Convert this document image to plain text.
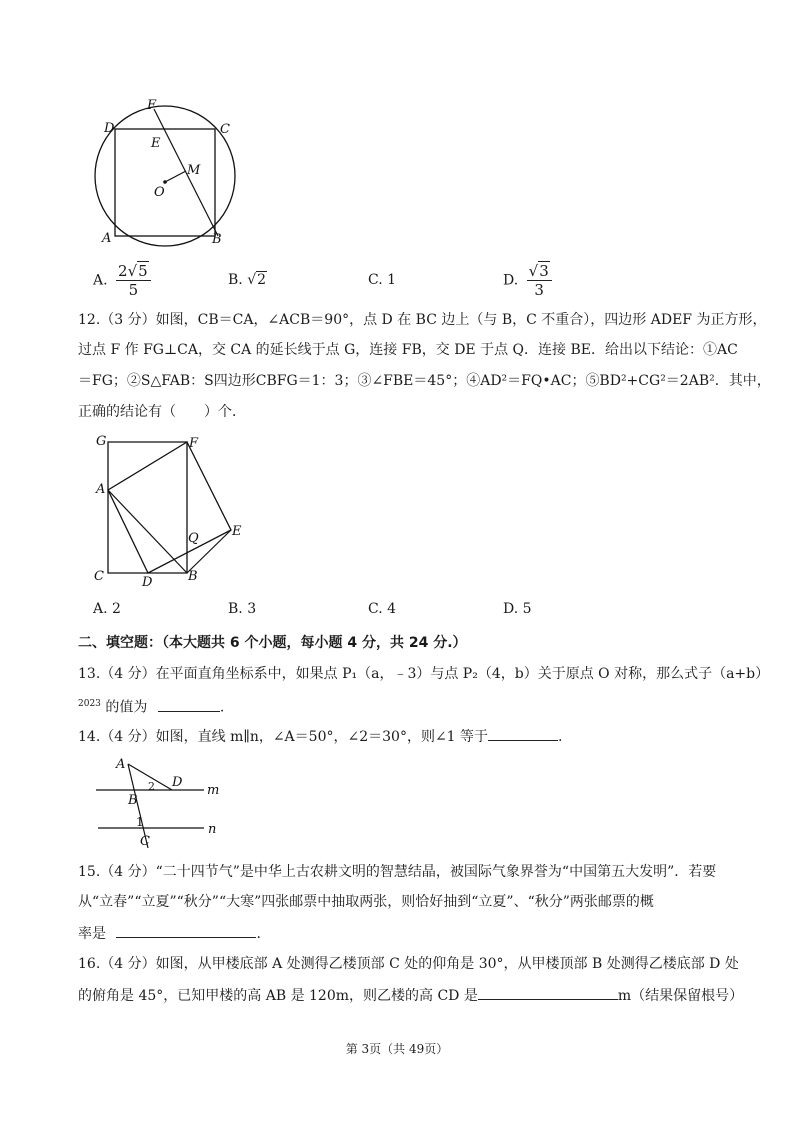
F
D	C
E
M
O
A	B
A. $\frac{2√5}{5}$	B. √2	C. 1	D. $\frac{√3}{3}$
12.（3 分）如图，CB＝CA，∠ACB＝90°，点 D 在 BC 边上（与 B，C 不重合），四边形 ADEF 为正方形，
过点 F 作 FG⊥CA，交 CA 的延长线于点 G，连接 FB，交 DE 于点 Q．连接 BE．给出以下结论：①AC
＝FG；②S△FAB：S四边形CBFG＝1：3；③∠FBE＝45°；④AD²＝FQ•AC；⑤BD²+CG²＝2AB²．其中，
正确的结论有（　　）个．
G	F
A
E
Q
C	D	B
A. 2	B. 3	C. 4	D. 5
二、填空题：（本大题共 6 个小题，每小题 4 分，共 24 分.）
13.（4 分）在平面直角坐标系中，如果点 P₁（a，﹣3）与点 P₂（4，b）关于原点 O 对称，那么式子（a+b）
$^{2023}$ 的值为	.
14.（4 分）如图，直线 m∥n，∠A＝50°，∠2＝30°，则∠1 等于	.
A
2 D
m
B
1	n
C
15.（4 分）“二十四节气”是中华上古农耕文明的智慧结晶，被国际气象界誉为“中国第五大发明”．若要
从“立春”“立夏”“秋分”“大寒”四张邮票中抽取两张，则恰好抽到“立夏”、“秋分”两张邮票的概
率是	.
16.（4 分）如图，从甲楼底部 A 处测得乙楼顶部 C 处的仰角是 30°，从甲楼顶部 B 处测得乙楼底部 D 处
的俯角是 45°，已知甲楼的高 AB 是 120m，则乙楼的高 CD 是	m（结果保留根号）
第 3页（共 49页）
